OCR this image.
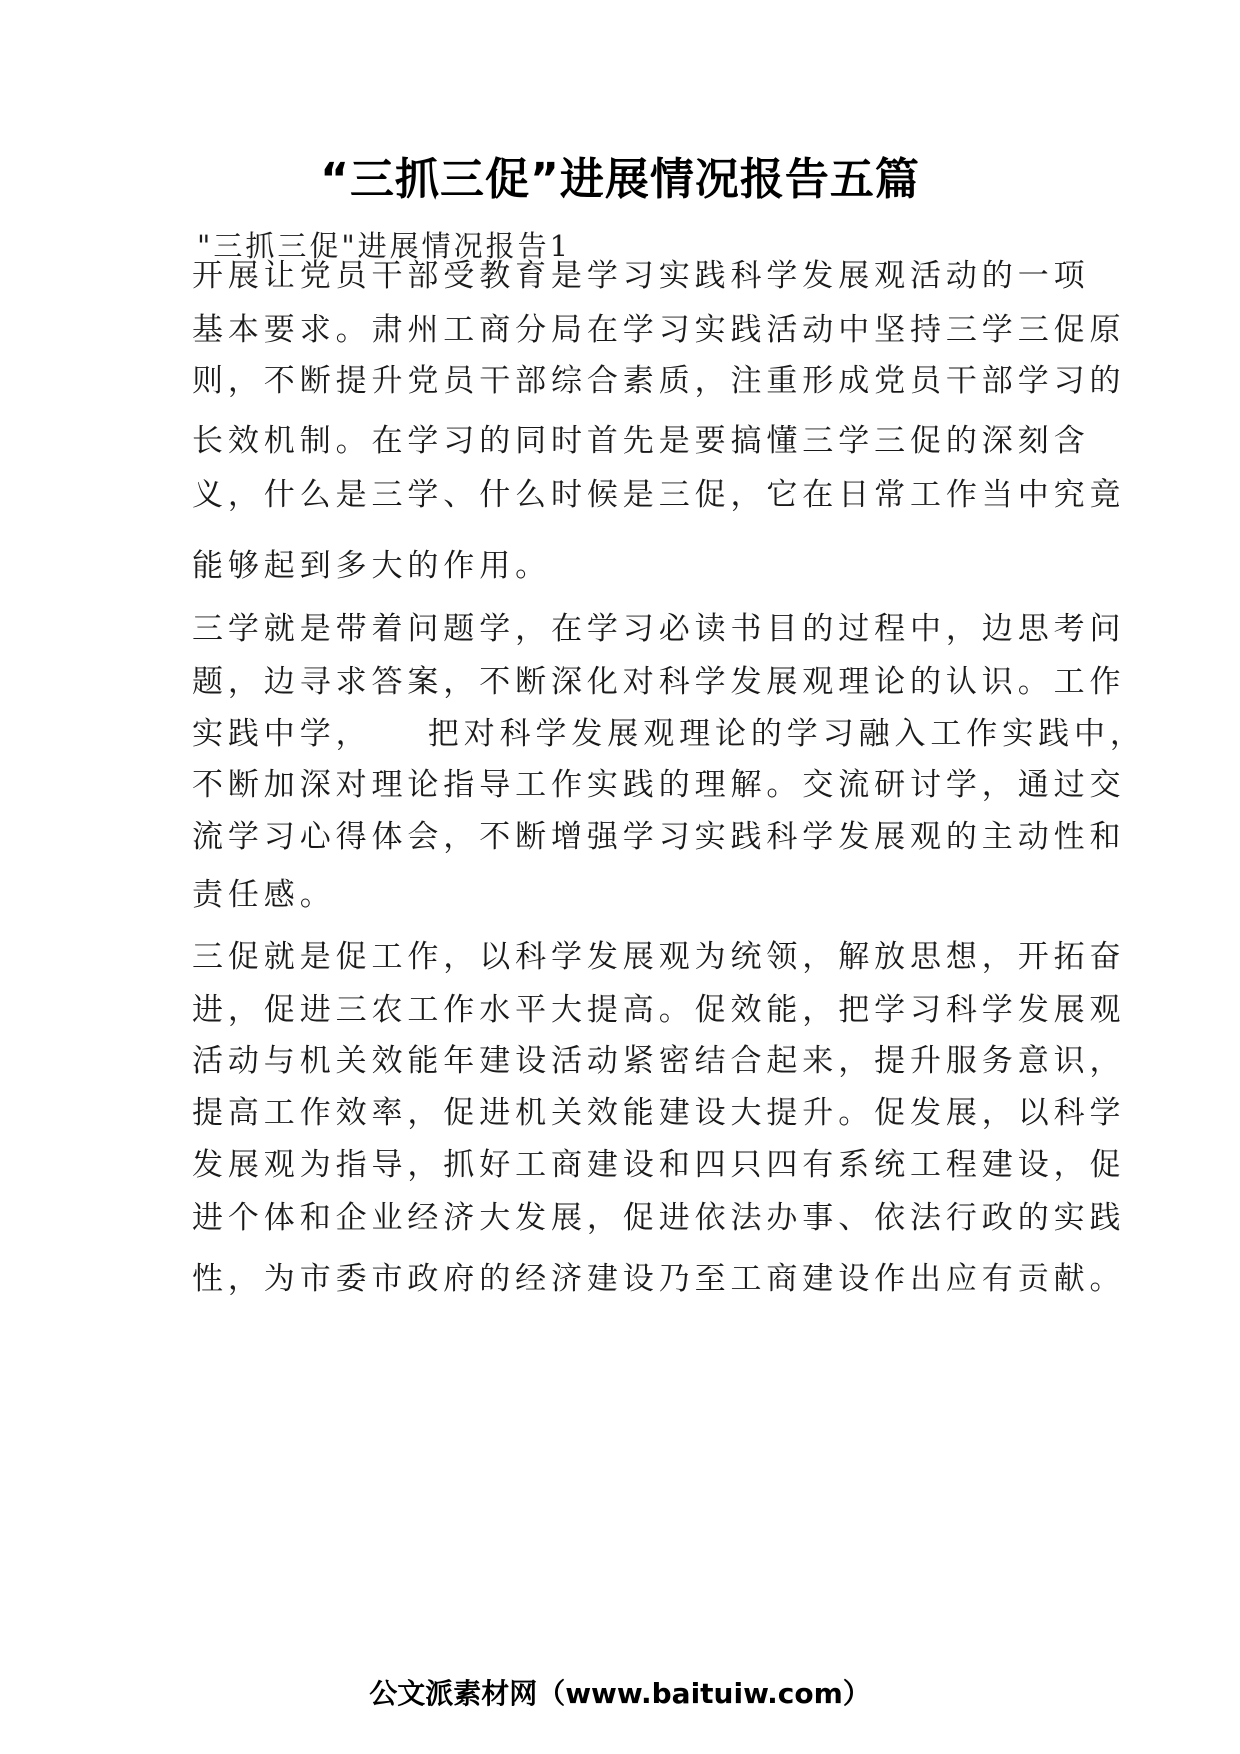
“三抓三促”进展情况报告五篇
"三抓三促"进展情况报告1
开展让党员干部受教育是学习实践科学发展观活动的一项
基本要求。肃州工商分局在学习实践活动中坚持三学三促原
则，不断提升党员干部综合素质，注重形成党员干部学习的
长效机制。在学习的同时首先是要搞懂三学三促的深刻含
义，什么是三学、什么时候是三促，它在日常工作当中究竟
能够起到多大的作用。
三学就是带着问题学，在学习必读书目的过程中，边思考问
题，边寻求答案，不断深化对科学发展观理论的认识。工作
实践中学，　　把对科学发展观理论的学习融入工作实践中，
不断加深对理论指导工作实践的理解。交流研讨学，通过交
流学习心得体会，不断增强学习实践科学发展观的主动性和
责任感。
三促就是促工作，以科学发展观为统领，解放思想，开拓奋
进，促进三农工作水平大提高。促效能，把学习科学发展观
活动与机关效能年建设活动紧密结合起来，提升服务意识，
提高工作效率，促进机关效能建设大提升。促发展，以科学
发展观为指导，抓好工商建设和四只四有系统工程建设，促
进个体和企业经济大发展，促进依法办事、依法行政的实践
性，为市委市政府的经济建设乃至工商建设作出应有贡献。
公文派素材网（www.baituiw.com）
